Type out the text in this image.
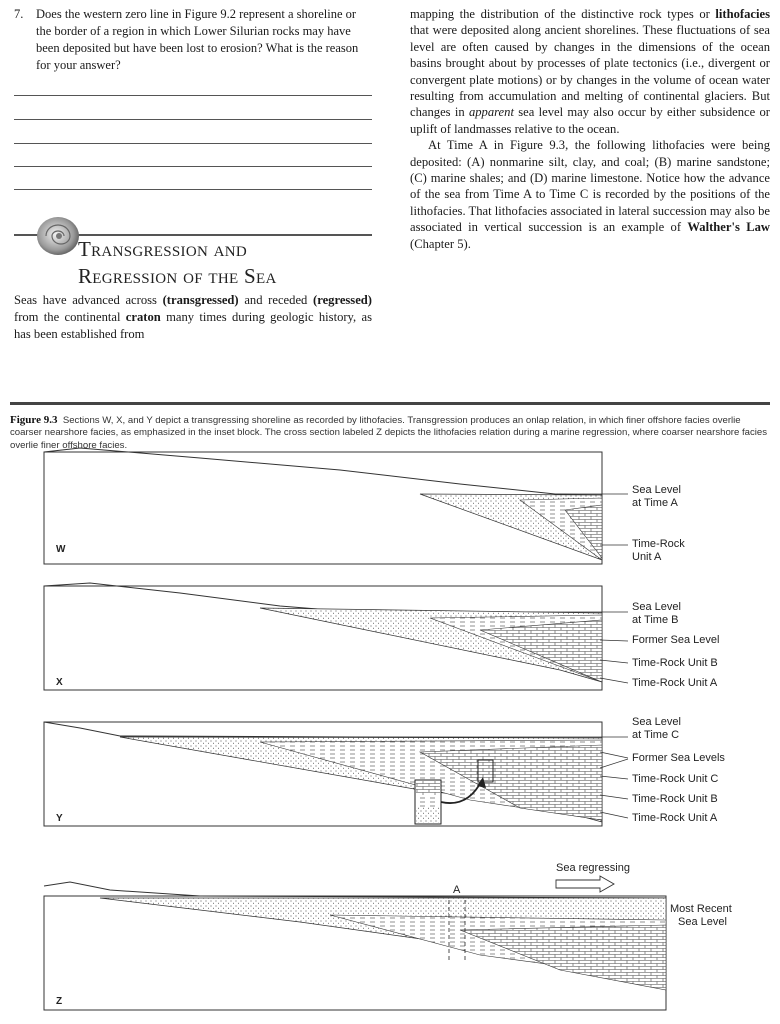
7.	Does the western zero line in Figure 9.2 represent a shoreline or the border of a region in which Lower Silurian rocks may have been deposited but have been lost to erosion? What is the reason for your answer?
Transgression and
Regression of the Sea
Seas have advanced across (transgressed) and receded (regressed) from the continental craton many times during geologic history, as has been established from

mapping the distribution of the distinctive rock types or lithofacies that were deposited along ancient shorelines. These fluctuations of sea level are often caused by changes in the dimensions of the ocean basins brought about by processes of plate tectonics (i.e., divergent or convergent plate motions) or by changes in the volume of ocean water resulting from accumulation and melting of continental glaciers. But changes in apparent sea level may also occur by either subsidence or uplift of landmasses relative to the ocean.

At Time A in Figure 9.3, the following lithofacies were being deposited: (A) nonmarine silt, clay, and coal; (B) marine sandstone; (C) marine shales; and (D) marine limestone. Notice how the advance of the sea from Time A to Time C is recorded by the positions of the lithofacies. That lithofacies associated in lateral succession may also be associated in vertical succession is an example of Walther's Law (Chapter 5).

Figure 9.3 Sections W, X, and Y depict a transgressing shoreline as recorded by lithofacies. Transgression produces an onlap relation, in which finer offshore facies overlie coarser nearshore facies, as emphasized in the inset block. The cross section labeled Z depicts the lithofacies relation during a marine regression, where coarser nearshore facies overlie finer offshore facies.
W
Sea Level
at Time A
Time-Rock
Unit A
X
Sea Level
at Time B
Former Sea Level
Time-Rock Unit B
Time-Rock Unit A
Y
Sea Level
at Time C
Former Sea Levels
Time-Rock Unit C
Time-Rock Unit B
Time-Rock Unit A
Sea regressing
A
Most Recent
Sea Level
Z
